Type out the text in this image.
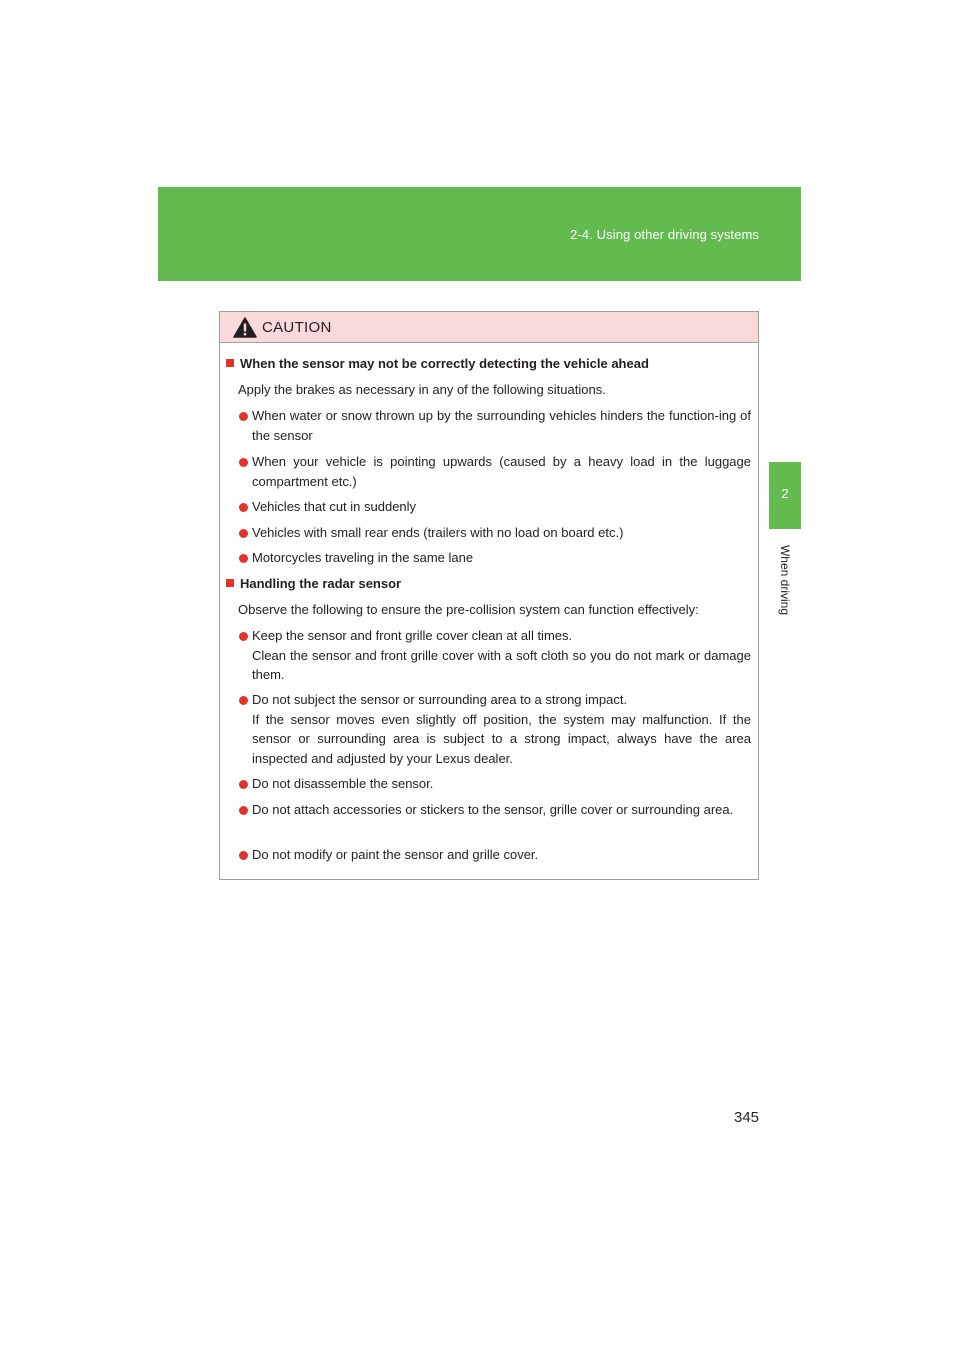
2-4. Using other driving systems
2
When driving
CAUTION
When the sensor may not be correctly detecting the vehicle ahead
Apply the brakes as necessary in any of the following situations.
When water or snow thrown up by the surrounding vehicles hinders the function-ing of the sensor
When your vehicle is pointing upwards (caused by a heavy load in the luggage compartment etc.)
Vehicles that cut in suddenly
Vehicles with small rear ends (trailers with no load on board etc.)
Motorcycles traveling in the same lane
Handling the radar sensor
Observe the following to ensure the pre-collision system can function effectively:
Keep the sensor and front grille cover clean at all times.
Clean the sensor and front grille cover with a soft cloth so you do not mark or damage them.
Do not subject the sensor or surrounding area to a strong impact.
If the sensor moves even slightly off position, the system may malfunction. If the sensor or surrounding area is subject to a strong impact, always have the area inspected and adjusted by your Lexus dealer.
Do not disassemble the sensor.
Do not attach accessories or stickers to the sensor, grille cover or surrounding area.
Do not modify or paint the sensor and grille cover.
345
